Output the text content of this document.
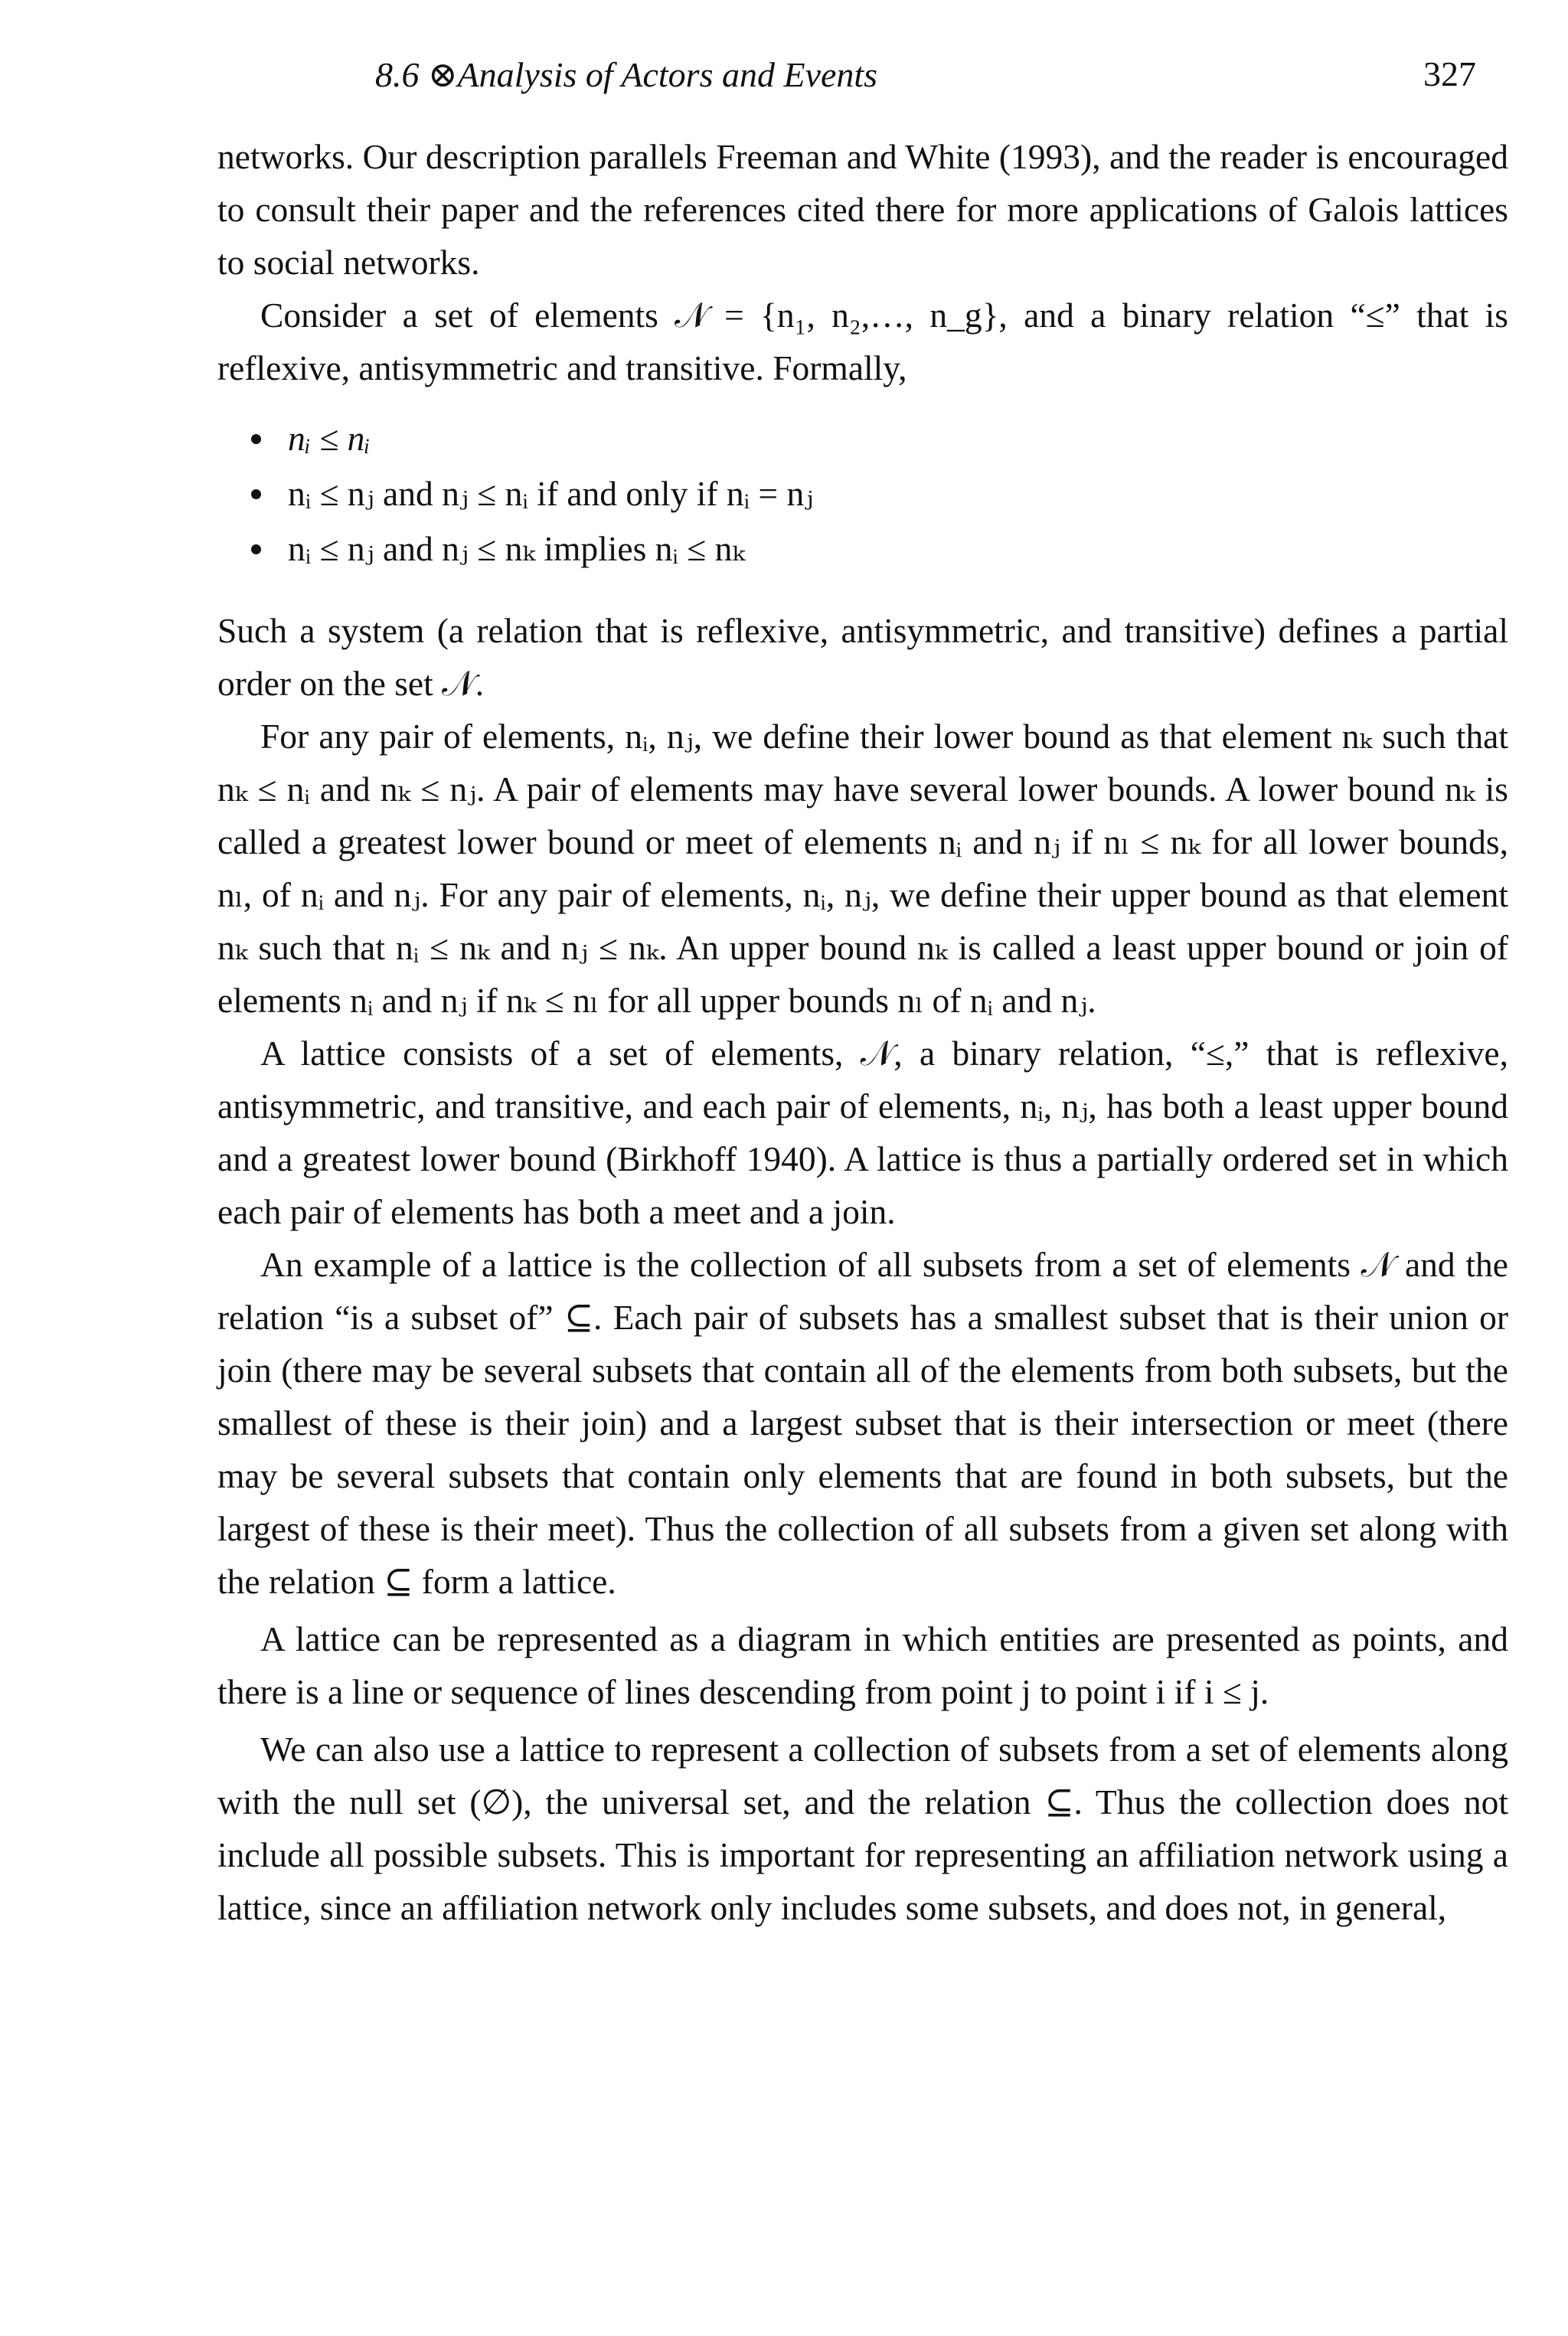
8.6 ⊗Analysis of Actors and Events	327

networks. Our description parallels Freeman and White (1993), and the reader is encouraged to consult their paper and the references cited there for more applications of Galois lattices to social networks.

Consider a set of elements 𝒩 = {n₁, n₂,…, n_g}, and a binary relation “≤” that is reflexive, antisymmetric and transitive. Formally,

nᵢ ≤ nᵢ
nᵢ ≤ nⱼ and nⱼ ≤ nᵢ if and only if nᵢ = nⱼ
nᵢ ≤ nⱼ and nⱼ ≤ nₖ implies nᵢ ≤ nₖ

Such a system (a relation that is reflexive, antisymmetric, and transitive) defines a partial order on the set 𝒩.

For any pair of elements, nᵢ, nⱼ, we define their lower bound as that element nₖ such that nₖ ≤ nᵢ and nₖ ≤ nⱼ. A pair of elements may have several lower bounds. A lower bound nₖ is called a greatest lower bound or meet of elements nᵢ and nⱼ if nₗ ≤ nₖ for all lower bounds, nₗ, of nᵢ and nⱼ. For any pair of elements, nᵢ, nⱼ, we define their upper bound as that element nₖ such that nᵢ ≤ nₖ and nⱼ ≤ nₖ. An upper bound nₖ is called a least upper bound or join of elements nᵢ and nⱼ if nₖ ≤ nₗ for all upper bounds nₗ of nᵢ and nⱼ.

A lattice consists of a set of elements, 𝒩, a binary relation, “≤,” that is reflexive, antisymmetric, and transitive, and each pair of elements, nᵢ, nⱼ, has both a least upper bound and a greatest lower bound (Birkhoff 1940). A lattice is thus a partially ordered set in which each pair of elements has both a meet and a join.

An example of a lattice is the collection of all subsets from a set of elements 𝒩 and the relation “is a subset of” ⊆. Each pair of subsets has a smallest subset that is their union or join (there may be several subsets that contain all of the elements from both subsets, but the smallest of these is their join) and a largest subset that is their intersection or meet (there may be several subsets that contain only elements that are found in both subsets, but the largest of these is their meet). Thus the collection of all subsets from a given set along with the relation ⊆ form a lattice.

A lattice can be represented as a diagram in which entities are presented as points, and there is a line or sequence of lines descending from point j to point i if i ≤ j.

We can also use a lattice to represent a collection of subsets from a set of elements along with the null set (∅), the universal set, and the relation ⊆. Thus the collection does not include all possible subsets. This is important for representing an affiliation network using a lattice, since an affiliation network only includes some subsets, and does not, in general,
